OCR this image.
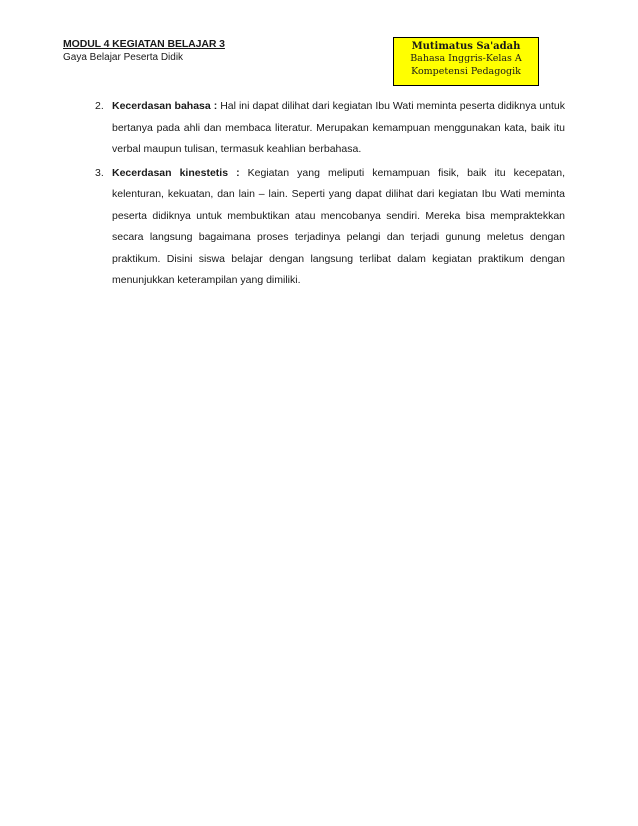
MODUL 4 KEGIATAN BELAJAR 3
Gaya Belajar Peserta Didik
Mutimatus Sa'adah
Bahasa Inggris-Kelas A
Kompetensi Pedagogik
2. Kecerdasan bahasa : Hal ini dapat dilihat dari kegiatan Ibu Wati meminta peserta didiknya untuk bertanya pada ahli dan membaca literatur. Merupakan kemampuan menggunakan kata, baik itu verbal maupun tulisan, termasuk keahlian berbahasa.
3. Kecerdasan kinestetis : Kegiatan yang meliputi kemampuan fisik, baik itu kecepatan, kelenturan, kekuatan, dan lain – lain. Seperti yang dapat dilihat dari kegiatan Ibu Wati meminta peserta didiknya untuk membuktikan atau mencobanya sendiri. Mereka bisa mempraktekkan secara langsung bagaimana proses terjadinya pelangi dan terjadi gunung meletus dengan praktikum. Disini siswa belajar dengan langsung terlibat dalam kegiatan praktikum dengan menunjukkan keterampilan yang dimiliki.
